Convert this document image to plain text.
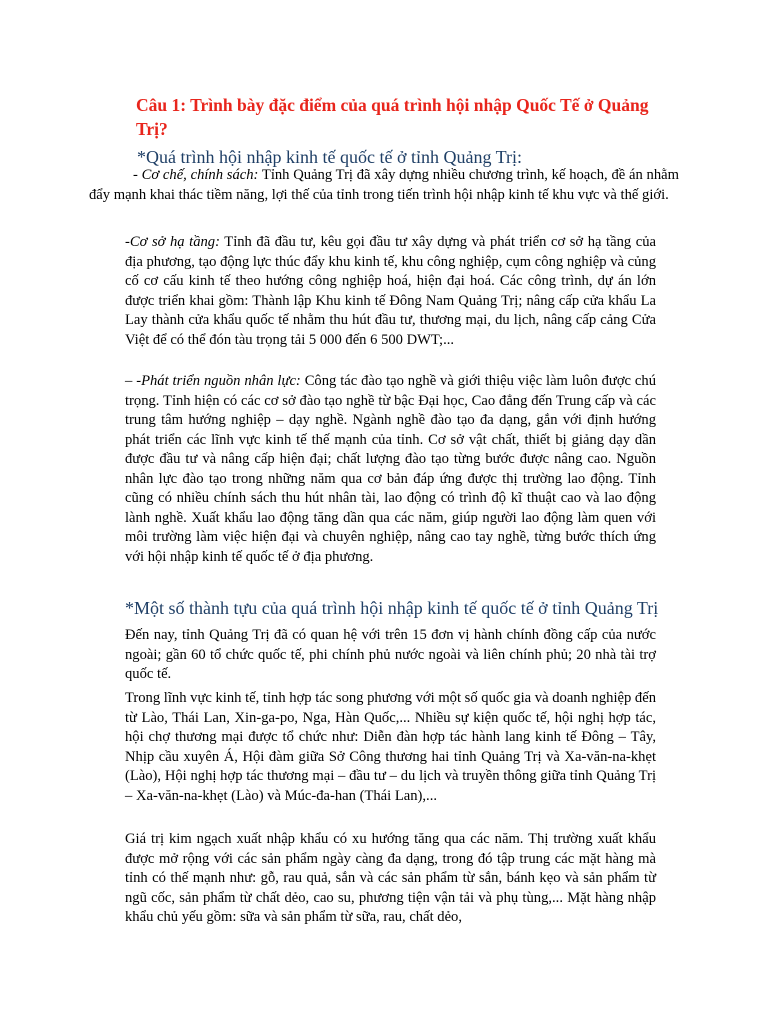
Câu 1: Trình bày đặc điểm của quá trình hội nhập Quốc Tế ở Quảng Trị?
*Quá trình hội nhập kinh tế quốc tế ở tỉnh Quảng Trị:

- Cơ chế, chính sách: Tỉnh Quảng Trị đã xây dựng nhiều chương trình, kế hoạch, đề án nhằm đẩy mạnh khai thác tiềm năng, lợi thế của tỉnh trong tiến trình hội nhập kinh tế khu vực và thế giới.

-Cơ sở hạ tầng: Tỉnh đã đầu tư, kêu gọi đầu tư xây dựng và phát triển cơ sở hạ tầng của địa phương, tạo động lực thúc đẩy khu kinh tế, khu công nghiệp, cụm công nghiệp và củng cố cơ cấu kinh tế theo hướng công nghiệp hoá, hiện đại hoá. Các công trình, dự án lớn được triển khai gồm: Thành lập Khu kinh tế Đông Nam Quảng Trị; nâng cấp cửa khẩu La Lay thành cửa khẩu quốc tế nhằm thu hút đầu tư, thương mại, du lịch, nâng cấp cảng Cửa Việt để có thể đón tàu trọng tải 5 000 đến 6 500 DWT;...

– -Phát triển nguồn nhân lực: Công tác đào tạo nghề và giới thiệu việc làm luôn được chú trọng. Tỉnh hiện có các cơ sở đào tạo nghề từ bậc Đại học, Cao đẳng đến Trung cấp và các trung tâm hướng nghiệp – dạy nghề. Ngành nghề đào tạo đa dạng, gắn với định hướng phát triển các lĩnh vực kinh tế thế mạnh của tỉnh. Cơ sở vật chất, thiết bị giảng dạy dần được đầu tư và nâng cấp hiện đại; chất lượng đào tạo từng bước được nâng cao. Nguồn nhân lực đào tạo trong những năm qua cơ bản đáp ứng được thị trường lao động. Tỉnh cũng có nhiều chính sách thu hút nhân tài, lao động có trình độ kĩ thuật cao và lao động lành nghề. Xuất khẩu lao động tăng dần qua các năm, giúp người lao động làm quen với môi trường làm việc hiện đại và chuyên nghiệp, nâng cao tay nghề, từng bước thích ứng với hội nhập kinh tế quốc tế ở địa phương.

*Một số thành tựu của quá trình hội nhập kinh tế quốc tế ở tỉnh Quảng Trị

Đến nay, tỉnh Quảng Trị đã có quan hệ với trên 15 đơn vị hành chính đồng cấp của nước ngoài; gần 60 tổ chức quốc tế, phi chính phủ nước ngoài và liên chính phủ; 20 nhà tài trợ quốc tế.

Trong lĩnh vực kinh tế, tỉnh hợp tác song phương với một số quốc gia và doanh nghiệp đến từ Lào, Thái Lan, Xin-ga-po, Nga, Hàn Quốc,... Nhiều sự kiện quốc tế, hội nghị hợp tác, hội chợ thương mại được tổ chức như: Diễn đàn hợp tác hành lang kinh tế Đông – Tây, Nhịp cầu xuyên Á, Hội đàm giữa Sở Công thương hai tỉnh Quảng Trị và Xa-văn-na-khẹt (Lào), Hội nghị hợp tác thương mại – đầu tư – du lịch và truyền thông giữa tỉnh Quảng Trị – Xa-văn-na-khẹt (Lào) và Múc-đa-han (Thái Lan),...

Giá trị kim ngạch xuất nhập khẩu có xu hướng tăng qua các năm. Thị trường xuất khẩu được mở rộng với các sản phẩm ngày càng đa dạng, trong đó tập trung các mặt hàng mà tỉnh có thế mạnh như: gỗ, rau quả, sắn và các sản phẩm từ sắn, bánh kẹo và sản phẩm từ ngũ cốc, sản phẩm từ chất dẻo, cao su, phương tiện vận tải và phụ tùng,... Mặt hàng nhập khẩu chủ yếu gồm: sữa và sản phẩm từ sữa, rau, chất dẻo,
